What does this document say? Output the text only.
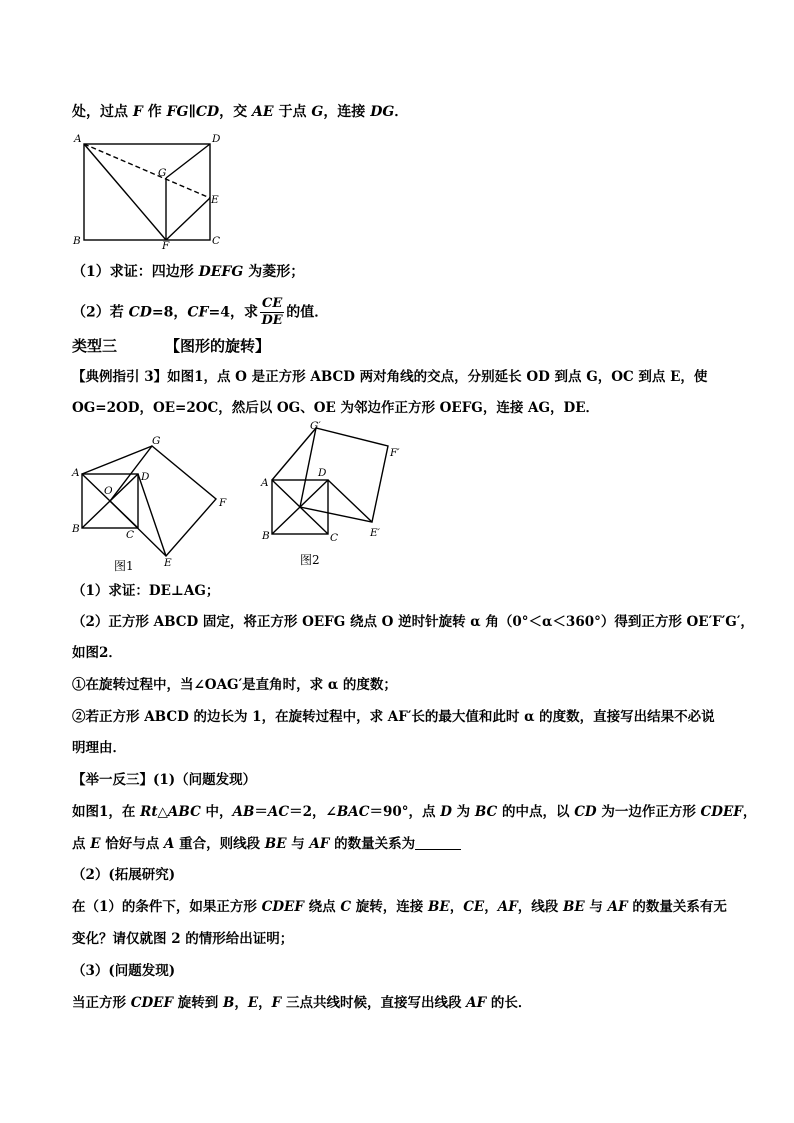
处，过点 F 作 FG∥CD，交 AE 于点 G，连接 DG．
A	D
G
E
B	F	C
（1）求证：四边形 DEFG 为菱形；
（2）若 CD=8，CF=4，求 $\frac{CE}{DE}$ 的值．
类型三	【图形的旋转】
【典例指引 3】如图1，点 O 是正方形 ABCD 两对角线的交点，分别延长 OD 到点 G，OC 到点 E，使
OG=2OD，OE=2OC，然后以 OG、OE 为邻边作正方形 OEFG，连接 AG，DE．
A
G
D
O
F
B	C
E
图1
G′
F′
A
D
B	C	E′
图2
（1）求证：DE⊥AG；
（2）正方形 ABCD 固定，将正方形 OEFG 绕点 O 逆时针旋转 α 角（0°＜α＜360°）得到正方形 OE′F′G′，
如图2．
①在旋转过程中，当∠OAG′是直角时，求 α 的度数；
②若正方形 ABCD 的边长为 1，在旋转过程中，求 AF′长的最大值和此时 α 的度数，直接写出结果不必说
明理由．
【举一反三】(1)（问题发现）
如图1，在 Rt△ABC 中，AB＝AC＝2，∠BAC＝90°，点 D 为 BC 的中点，以 CD 为一边作正方形 CDEF，
点 E 恰好与点 A 重合，则线段 BE 与 AF 的数量关系为
（2）(拓展研究)
在（1）的条件下，如果正方形 CDEF 绕点 C 旋转，连接 BE，CE，AF，线段 BE 与 AF 的数量关系有无
变化？请仅就图 2 的情形给出证明；
（3）(问题发现)
当正方形 CDEF 旋转到 B，E，F 三点共线时候，直接写出线段 AF 的长．
